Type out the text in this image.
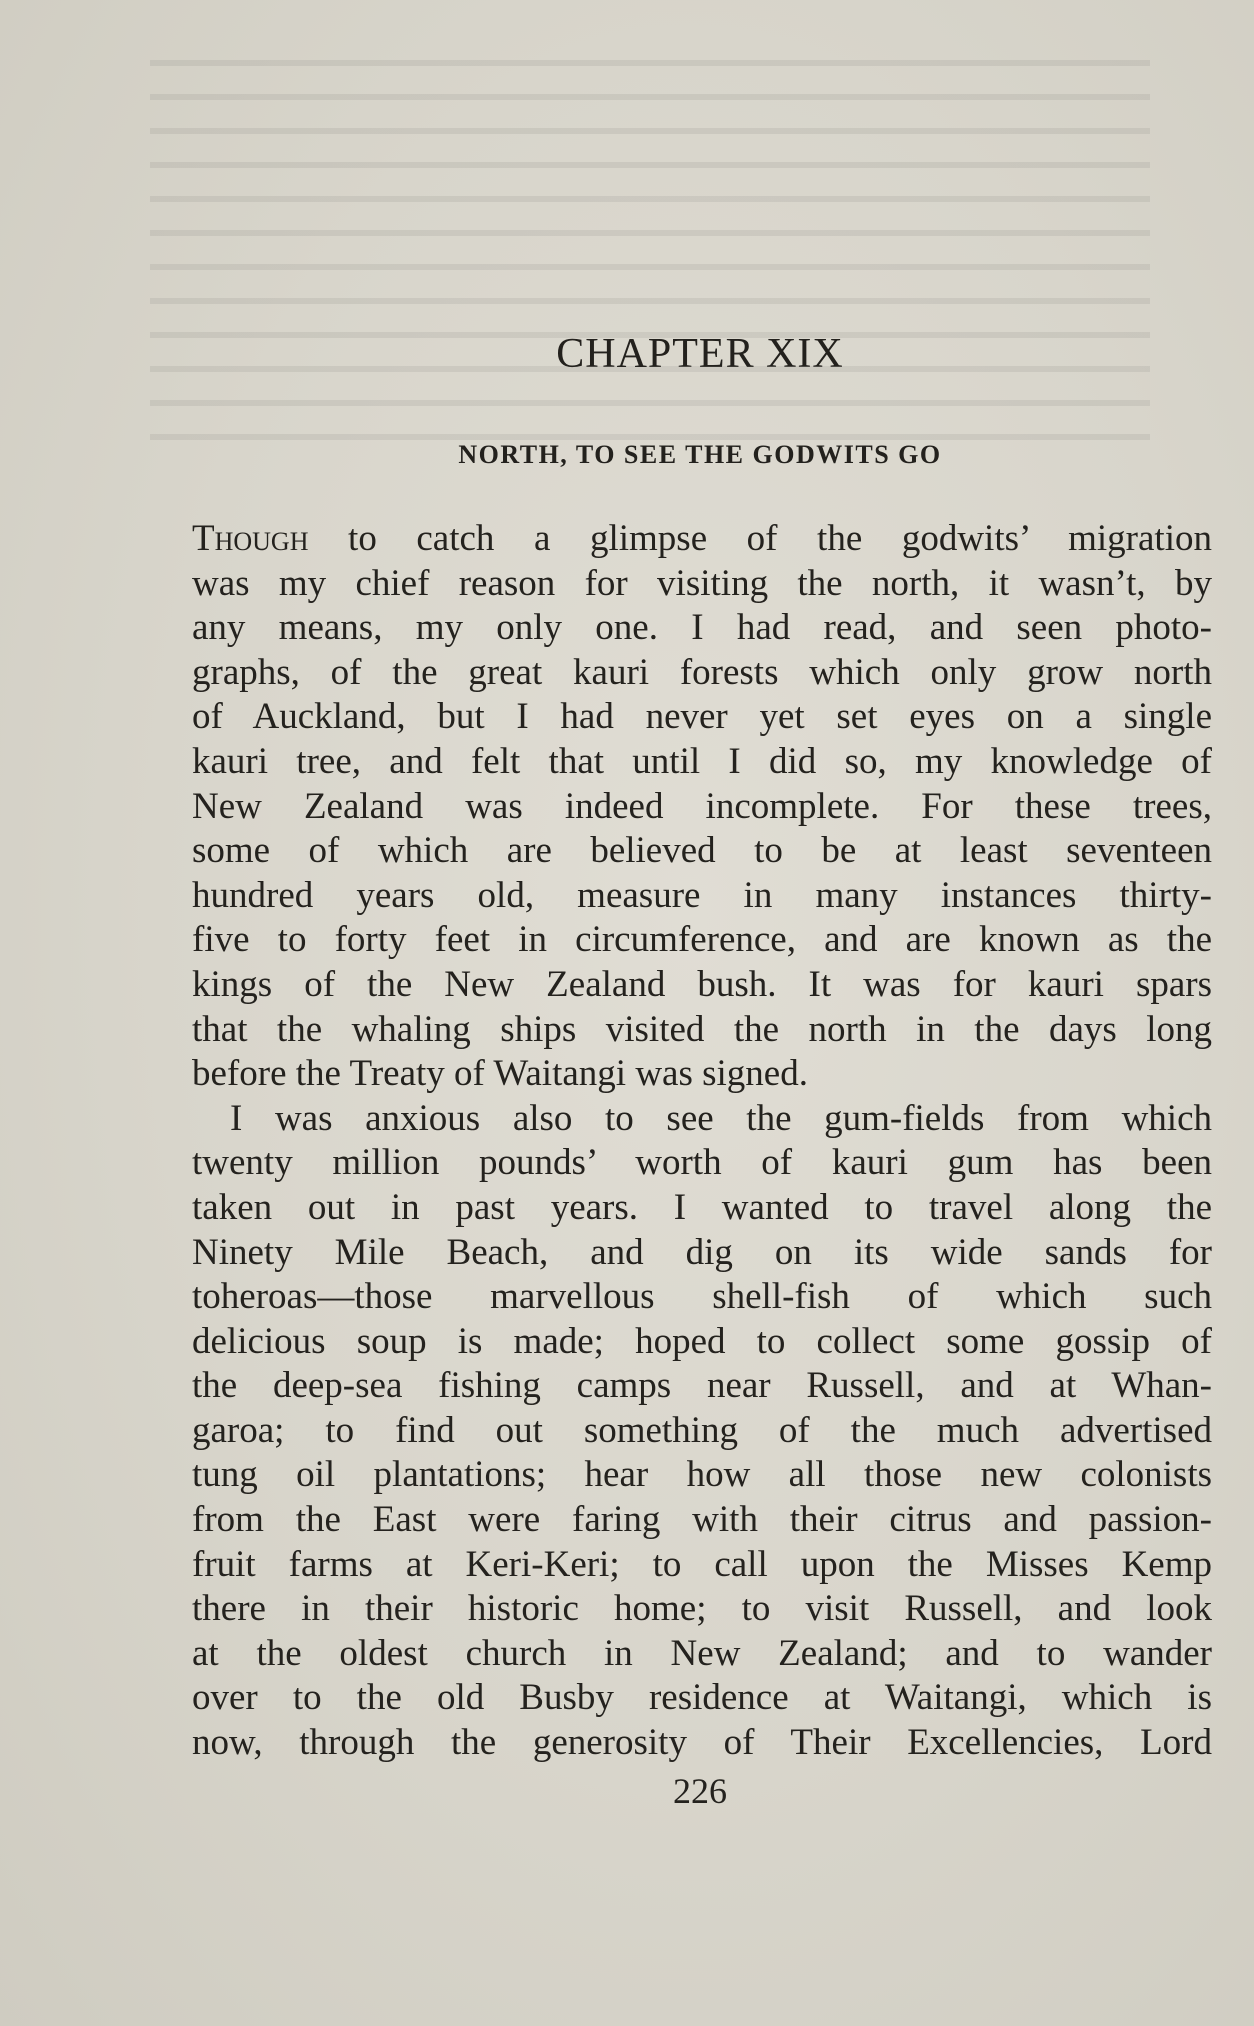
CHAPTER XIX
NORTH, TO SEE THE GODWITS GO
Though to catch a glimpse of the godwits’ migration
was my chief reason for visiting the north, it wasn’t, by
any means, my only one. I had read, and seen photo-
graphs, of the great kauri forests which only grow north
of Auckland, but I had never yet set eyes on a single
kauri tree, and felt that until I did so, my knowledge of
New Zealand was indeed incomplete. For these trees,
some of which are believed to be at least seventeen
hundred years old, measure in many instances thirty-
five to forty feet in circumference, and are known as the
kings of the New Zealand bush. It was for kauri spars
that the whaling ships visited the north in the days long
before the Treaty of Waitangi was signed.
I was anxious also to see the gum-fields from which
twenty million pounds’ worth of kauri gum has been
taken out in past years. I wanted to travel along the
Ninety Mile Beach, and dig on its wide sands for
toheroas—those marvellous shell-fish of which such
delicious soup is made; hoped to collect some gossip of
the deep-sea fishing camps near Russell, and at Whan-
garoa; to find out something of the much advertised
tung oil plantations; hear how all those new colonists
from the East were faring with their citrus and passion-
fruit farms at Keri-Keri; to call upon the Misses Kemp
there in their historic home; to visit Russell, and look
at the oldest church in New Zealand; and to wander
over to the old Busby residence at Waitangi, which is
now, through the generosity of Their Excellencies, Lord
226
